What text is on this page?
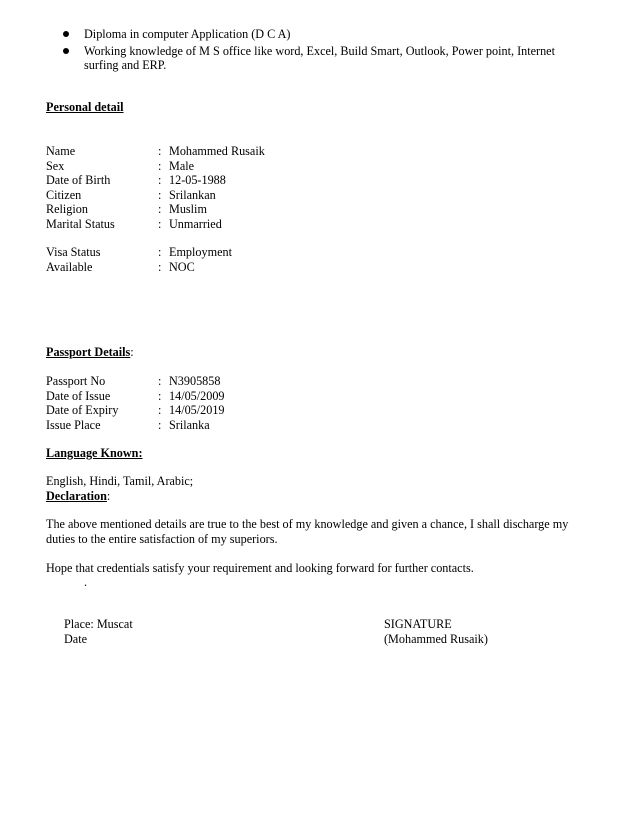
Diploma in computer Application (D C A)
Working knowledge of M S office like word, Excel, Build Smart, Outlook, Power point, Internet
surfing and ERP.
Personal detail
Name	: Mohammed Rusaik
Sex	: Male
Date of Birth	: 12-05-1988
Citizen	: Srilankan
Religion	: Muslim
Marital Status	: Unmarried
Visa Status	: Employment
Available	: NOC
Passport Details:
Passport No	: N3905858
Date of Issue	: 14/05/2009
Date of Expiry	: 14/05/2019
Issue Place	: Srilanka
Language Known:
English, Hindi, Tamil, Arabic;
Declaration:
The above mentioned details are true to the best of my knowledge and given a chance, I shall discharge my duties to the entire satisfaction of my superiors.
Hope that credentials satisfy your requirement and looking forward for further contacts.
.
Place: Muscat
Date
SIGNATURE
(Mohammed Rusaik)
